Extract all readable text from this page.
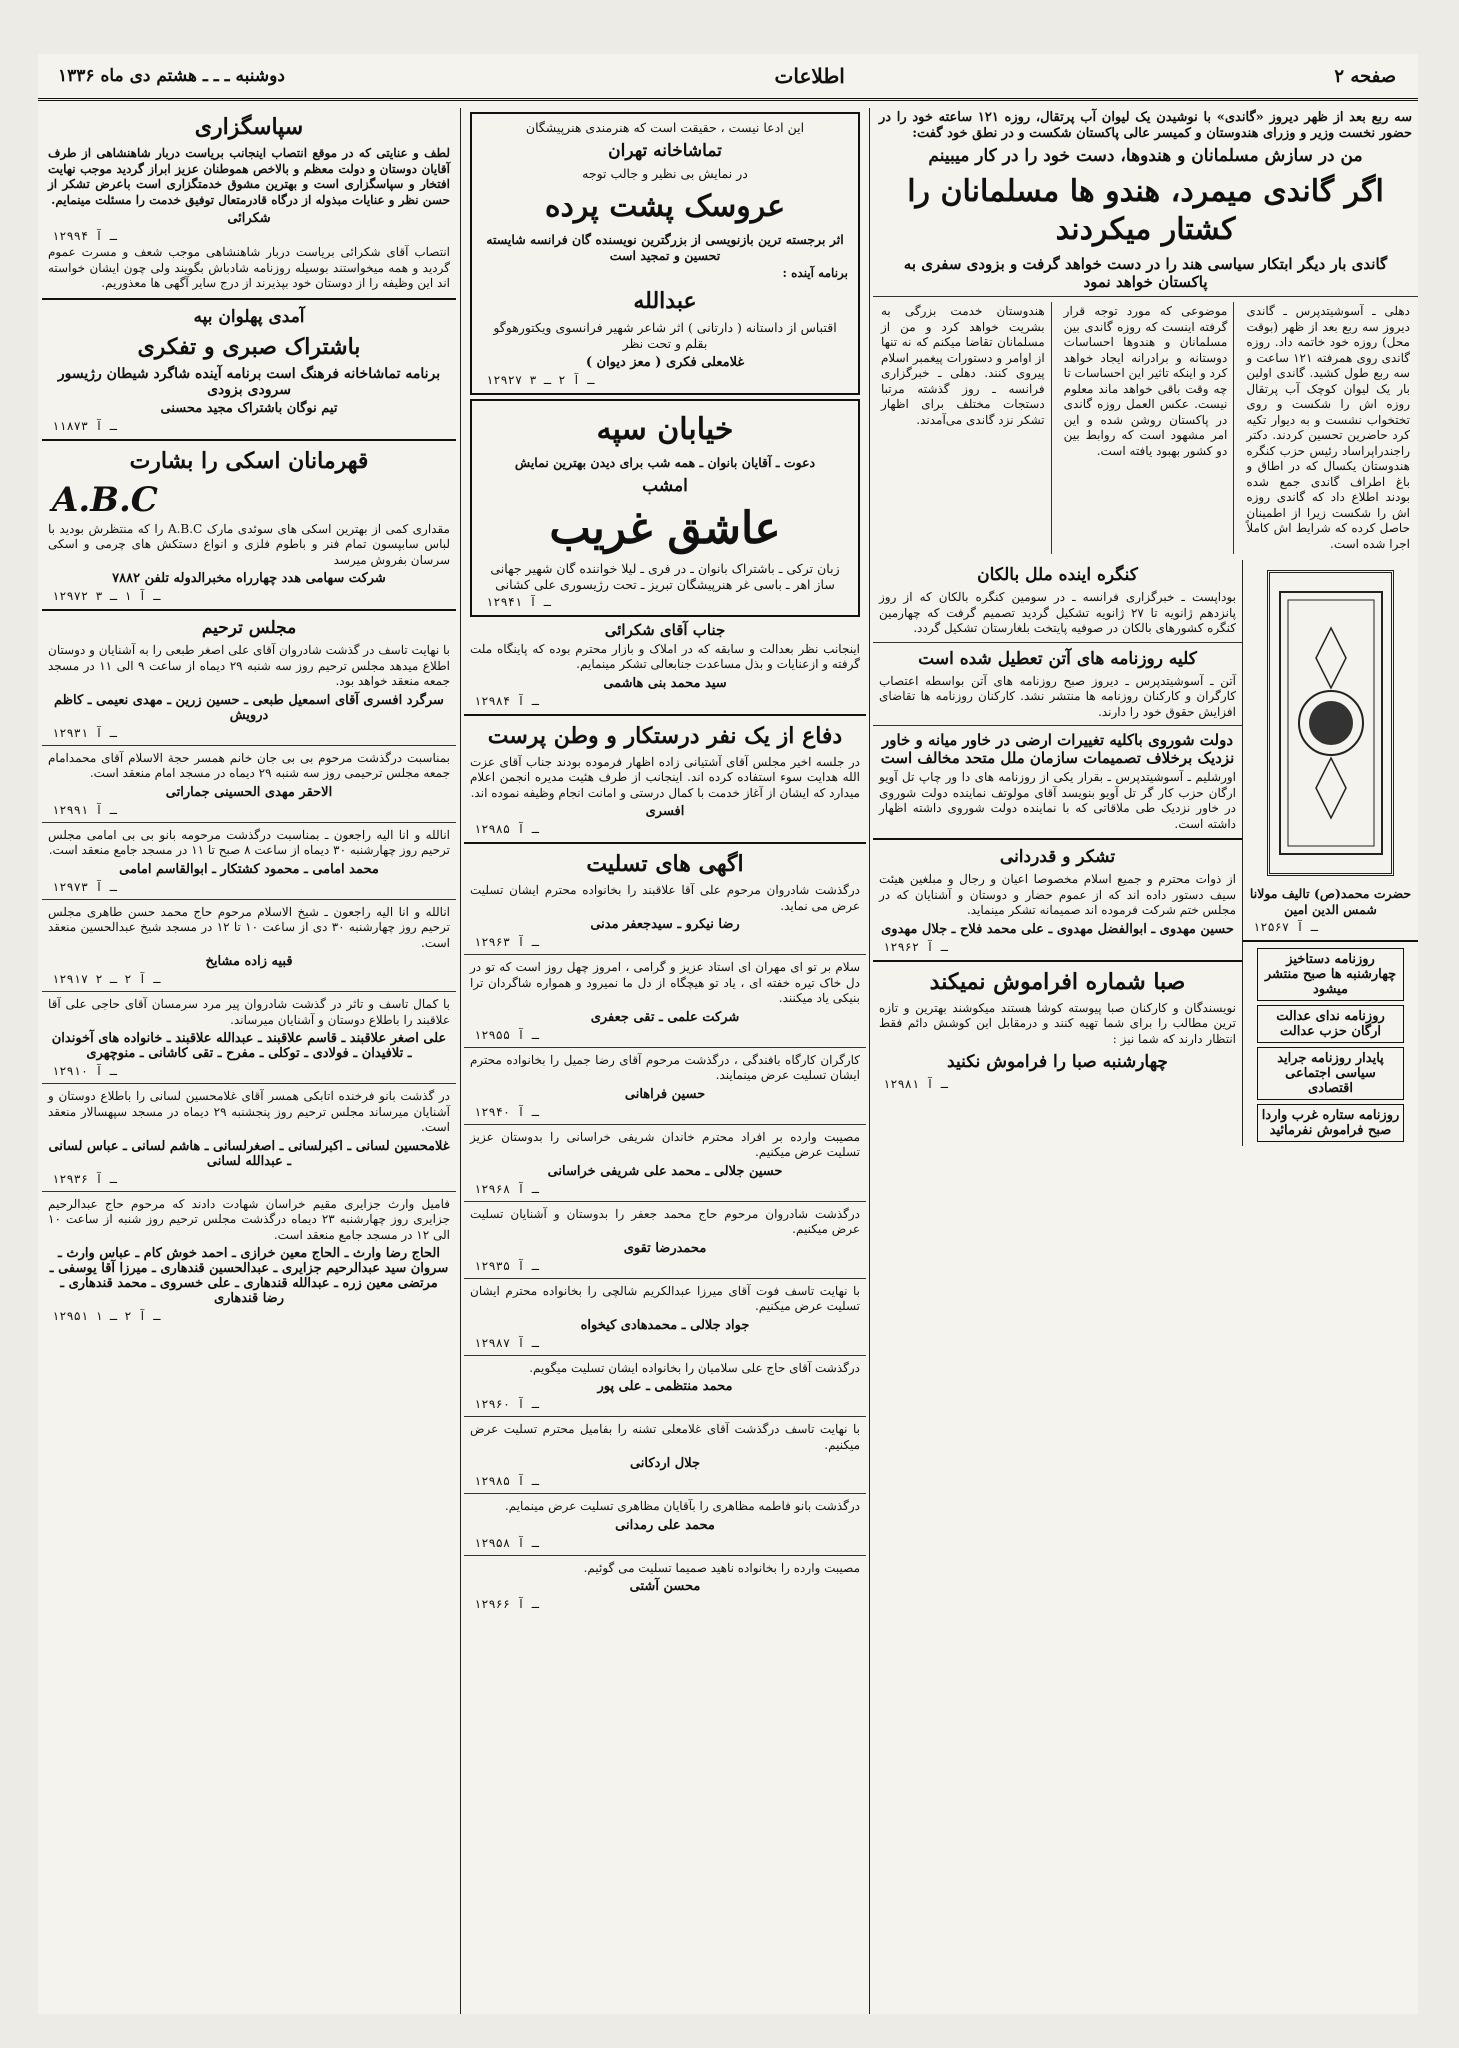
صفحه ۲
اطلاعات
دوشنبه ـ ـ ـ هشتم دی ماه ۱۳۳۶
سه ربع بعد از ظهر دیروز «گاندی» با نوشیدن یک لیوان آب پرتقال، روزه ۱۲۱ ساعته خود را در حضور نخست وزیر و وزرای هندوستان و کمیسر عالی پاکستان شکست و در نطق خود گفت:
من در سازش مسلمانان و هندوها، دست خود را در کار میبینم
اگر گاندی میمرد، هندو ها مسلمانان را کشتار میکردند
گاندی بار دیگر ابتکار سیاسی هند را در دست خواهد گرفت و بزودی سفری به پاکستان خواهد نمود
دهلی ـ آسوشیتدپرس ـ گاندی دیروز سه ربع بعد از ظهر (بوقت محل) روزه خود خاتمه داد. روزه گاندی روی همرفته ۱۲۱ ساعت و سه ربع طول کشید. گاندی اولین بار یک لیوان کوچک آب پرتقال روزه اش را شکست و روی تختخواب نشست و به دیوار تکیه کرد حاضرین تحسین کردند. دکتر راجندراپراساد رئیس حزب کنگره هندوستان یکسال که در اطاق و باغ اطراف گاندی جمع شده بودند اطلاع داد که گاندی روزه اش را شکست زیرا از اطمینان حاصل کرده ‌که شرایط اش کاملاً اجرا شده است.
موضوعی که مورد توجه قرار گرفته اینست که روزه گاندی بین مسلمانان و هندوها احساسات دوستانه و برادرانه ایجاد خواهد کرد و اینکه تاثیر این احساسات تا چه وقت باقی خواهد ماند معلوم نیست. عکس العمل روزه گاندی در پاکستان روشن شده و این امر مشهود است که روابط بین دو کشور بهبود یافته است.
هندوستان خدمت بزرگی به بشریت خواهد کرد و من از مسلمانان تقاضا میکنم که نه تنها از اوامر و دستورات پیغمبر اسلام پیروی کنند. دهلی ـ خبرگزاری فرانسه ـ روز گذشته مرتبا دستجات مختلف برای اظهار تشکر نزد گاندی می‌آمدند.
حضرت محمد(ص) تالیف مولانا شمس الدین امین
۱۲۵۶۷ ـ آ
روزنامه دستاخیز چهارشنبه ها صبح منتشر میشود
روزنامه ندای عدالت ارگان حزب عدالت
پایدار روزنامه جراید سیاسی اجتماعی اقتصادی
روزنامه ستاره غرب واردا صبح فراموش نفرمائید
کنگره اینده ملل بالکان
بوداپست ـ خبرگزاری فرانسه ـ در سومین کنگره بالکان که از روز پانزدهم ژانویه تا ۲۷ ژانویه تشکیل گردید تصمیم گرفت که چهارمین کنگره کشورهای بالکان در صوفیه پایتخت بلغارستان تشکیل گردد.
کلیه روزنامه های آتن تعطیل شده است
آتن ـ آسوشیتدپرس ـ دیروز صبح روزنامه های آتن بواسطه اعتصاب کارگران و کارکنان روزنامه ها منتشر نشد. کارکنان روزنامه ها تقاضای افزایش حقوق خود را دارند.
دولت شوروی باکلیه تغییرات ارضی در خاور میانه و خاور نزدیک برخلاف تصمیمات سازمان ملل متحد مخالف است
اورشلیم ـ آسوشیتدپرس ـ بقرار یکی از روزنامه های دا ور چاپ تل آویو ارگان حزب کار گر تل آویو بنویسد آقای مولوتف نماینده دولت شوروی در خاور نزدیک طی ملاقاتی که با نماینده دولت شوروی داشته اظهار داشته است.
تشکر و قدردانی
از ذوات محترم و جمیع اسلام مخصوصا اعیان و رجال و مبلغین هیئت سیف دستور داده اند که از عموم حضار و دوستان و آشنایان که در مجلس ختم شرکت فرموده اند صمیمانه تشکر مینماید.
حسین مهدوی ـ ابوالفضل مهدوی ـ علی محمد فلاح ـ جلال مهدوی
۱۲۹۶۲ ـ آ
صبا شماره افراموش نمیکند
نویسندگان و کارکنان صبا پیوسته کوشا هستند میکوشند بهترین و تازه ترین مطالب را برای شما تهیه کنند و درمقابل این کوشش دائم فقط انتظار دارند که شما نیز :
چهارشنبه صبا را فراموش نکنید
۱۲۹۸۱ ـ آ
این ادعا نیست ، حقیقت است که هنرمندی هنرپیشگان
تماشاخانه تهران
در نمایش بی نظیر و جالب توجه
عروسک پشت پرده
اثر برجسته ترین بازنویسی از بزرگترین نویسنده گان فرانسه شایسته تحسین و تمجید است
برنامه آینده :
عبدالله
اقتباس از داستانه ( دارتانی ) اثر شاعر شهیر فرانسوی ویکتورهوگو بقلم و تحت نظر
غلامعلی فکری ( معز دیوان )
۱۲۹۲۷ ـ آ ۲ ـ ۳
خیابان سپه
دعوت ـ آقایان بانوان ـ همه شب برای دیدن بهترین نمایش
امشب
عاشق غریب
زبان ترکی ـ باشتراک بانوان ـ در فری ـ لیلا خواننده گان شهیر جهانی ساز اهر ـ باسی غر هنرپیشگان تبریز ـ تحت رژیسوری علی کشانی
۱۲۹۴۱ ـ آ
جناب آقای شکرائی
اینجانب نظر بعدالت و سابقه که در املاک و بازار محترم بوده که پاینگاه ملت گرفته و ازعنایات و بذل مساعدت جنابعالی تشکر مینمایم.
سید محمد بنی هاشمی
۱۲۹۸۴ ـ آ
دفاع از یک نفر درستکار و وطن پرست
در جلسه اخیر مجلس آقای آشتیانی زاده اظهار فرموده بودند جناب آقای عزت الله هدایت سوء استفاده کرده اند. اینجانب از طرف هئیت مدیره انجمن اعلام میدارد که ایشان از آغاز خدمت با کمال درستی و امانت انجام وظیفه نموده اند.
افسری
۱۲۹۸۵ ـ آ
اگهی های تسلیت
درگذشت شادروان مرحوم علی آقا علاقبند را بخانواده محترم ایشان تسلیت عرض می نماید.
رضا نیکرو ـ سیدجعفر مدنی
۱۲۹۶۳ ـ آ
سلام بر تو ای مهران ای استاد عزیز و گرامی ، امروز چهل روز است که تو در دل خاک تیره خفته ای ، یاد تو هیچگاه از دل ما نمیرود و همواره شاگردان ترا بنیکی یاد میکنند.
شرکت علمی ـ تقی جعفری
۱۲۹۵۵ ـ آ
کارگران کارگاه بافندگی ، درگذشت مرحوم آقای رضا جمیل را بخانواده محترم ایشان تسلیت عرض مینمایند.
حسین فراهانی
۱۲۹۴۰ ـ آ
مصیبت وارده بر افراد محترم خاندان شریفی خراسانی را بدوستان عزیز تسلیت عرض میکنیم.
حسین جلالی ـ محمد علی شریفی خراسانی
۱۲۹۶۸ ـ آ
درگذشت شادروان مرحوم حاج محمد جعفر را بدوستان و آشنایان تسلیت عرض میکنیم.
محمدرضا تقوی
۱۲۹۳۵ ـ آ
با نهایت تاسف فوت آقای میرزا عبدالکریم شالچی را بخانواده محترم ایشان تسلیت عرض میکنیم.
جواد جلالی ـ محمدهادی کیخواه
۱۲۹۸۷ ـ آ
درگذشت آقای حاج علی سلامیان را بخانواده ایشان تسلیت میگویم.
محمد منتظمی ـ علی پور
۱۲۹۶۰ ـ آ
با نهایت تاسف درگذشت آقای غلامعلی تشنه را بفامیل محترم تسلیت عرض میکنیم.
جلال اردکانی
۱۲۹۸۵ ـ آ
درگذشت بانو فاطمه مظاهری را بآقایان مظاهری تسلیت عرض مینمایم.
محمد علی رمدانی
۱۲۹۵۸ ـ آ
مصیبت وارده را بخانواده ناهید صمیما تسلیت می گوئیم.
محسن آشتی
۱۲۹۶۶ ـ آ
سپاسگزاری
لطف و عنایتی که در موقع انتصاب اینجانب بریاست دربار شاهنشاهی از طرف آقایان دوستان و دولت معظم و بالاخص هموطنان عزیز ابراز گردید موجب نهایت افتخار و سپاسگزاری است و بهترین مشوق خدمتگزاری است باعرض تشکر از حسن نظر و عنایات مبذوله از درگاه قادرمتعال توفیق خدمت را مسئلت مینمایم.
شکرائی
۱۲۹۹۴ ـ آ
انتصاب آقای شکرائی بریاست دربار شاهنشاهی موجب شعف و مسرت عموم گردید و همه میخواستند بوسیله روزنامه شادباش بگویند ولی چون ایشان خواسته اند این وظیفه را از دوستان خود بپذیرند از درج سایر آگهی ها معذوریم.
آمدی پهلوان بپه
باشتراک صبری و تفکری
برنامه تماشاخانه فرهنگ است برنامه آینده شاگرد شیطان رژیسور سرودی بزودی
تیم نوگان باشتراک مجید محسنی
۱۱۸۷۳ ـ آ
قهرمانان اسکی را بشارت
A.B.C
مقداری کمی از بهترین اسکی های سوئدی مارک A.B.C را که منتظرش بودید با لباس سابپسون تمام فنر و باطوم فلزی و انواع دستکش های چرمی و اسکی سرسان بفروش میرسد
شرکت سهامی هدد چهارراه مخبرالدوله تلفن ۷۸۸۲
۱۲۹۷۲ ـ آ ۱ ـ ۳
مجلس ترحیم
با نهایت تاسف در گذشت شادروان آقای علی اصغر طبعی را به آشنایان و دوستان اطلاع میدهد مجلس ترحیم روز سه شنبه ۲۹ دیماه از ساعت ۹ الی ۱۱ در مسجد جمعه منعقد خواهد بود.
سرگرد افسری آقای اسمعیل طبعی ـ حسین زرین ـ مهدی نعیمی ـ کاظم درویش
۱۲۹۳۱ ـ آ
بمناسبت درگذشت مرحوم بی بی جان خانم همسر حجة الاسلام آقای محمدامام جمعه مجلس ترحیمی روز سه شنبه ۲۹ دیماه در مسجد امام منعقد است.
الاحقر مهدی الحسینی جماراتی
۱۲۹۹۱ ـ آ
انالله و انا الیه راجعون ـ بمناسبت درگذشت مرحومه بانو بی بی امامی مجلس ترحیم روز چهارشنبه ۳۰ دیماه از ساعت ۸ صبح تا ۱۱ در مسجد جامع منعقد است.
محمد امامی ـ محمود کشتکار ـ ابوالقاسم امامی
۱۲۹۷۳ ـ آ
انالله و انا الیه راجعون ـ شیخ الاسلام مرحوم حاج محمد حسن طاهری مجلس ترحیم روز چهارشنبه ۳۰ دی از ساعت ۱۰ تا ۱۲ در مسجد شیخ عبدالحسین منعقد است.
قبیه زاده مشایخ
۱۲۹۱۷ ـ آ ۲ ـ ۲
با کمال تاسف و تاثر در گذشت شادروان پیر مرد سرمسان آقای حاجی علی آقا علاقبند را باطلاع دوستان و آشنایان میرساند.
علی اصغر علاقبند ـ قاسم علاقبند ـ عبدالله علاقبند ـ خانواده های آخوندان ـ تلافیدان ـ فولادی ـ توکلی ـ مفرح ـ تقی کاشانی ـ منوچهری
۱۲۹۱۰ ـ آ
در گذشت بانو فرخنده اتابکی همسر آقای غلامحسین لسانی را باطلاع دوستان و آشنایان میرساند مجلس ترحیم روز پنجشنبه ۲۹ دیماه در مسجد سپهسالار منعقد است.
غلامحسین لسانی ـ اکبرلسانی ـ اصغرلسانی ـ هاشم لسانی ـ عباس لسانی ـ عبدالله لسانی
۱۲۹۳۶ ـ آ
فامیل وارث جزایری مقیم خراسان شهادت دادند که مرحوم حاج عبدالرحیم جزایری روز چهارشنبه ۲۳ دیماه درگذشت مجلس ترحیم روز شنبه از ساعت ۱۰ الی ۱۲ در مسجد جامع منعقد است.
الحاج رضا وارث ـ الحاج معین خرازی ـ احمد خوش کام ـ عباس وارث ـ سروان سید عبدالرحیم جزایری ـ عبدالحسین قندهاری ـ میرزا آقا یوسفی ـ مرتضی معین زره ـ عبدالله قندهاری ـ علی خسروی ـ محمد قندهاری ـ رضا قندهاری
۱۲۹۵۱ ـ آ ۲ ـ ۱
